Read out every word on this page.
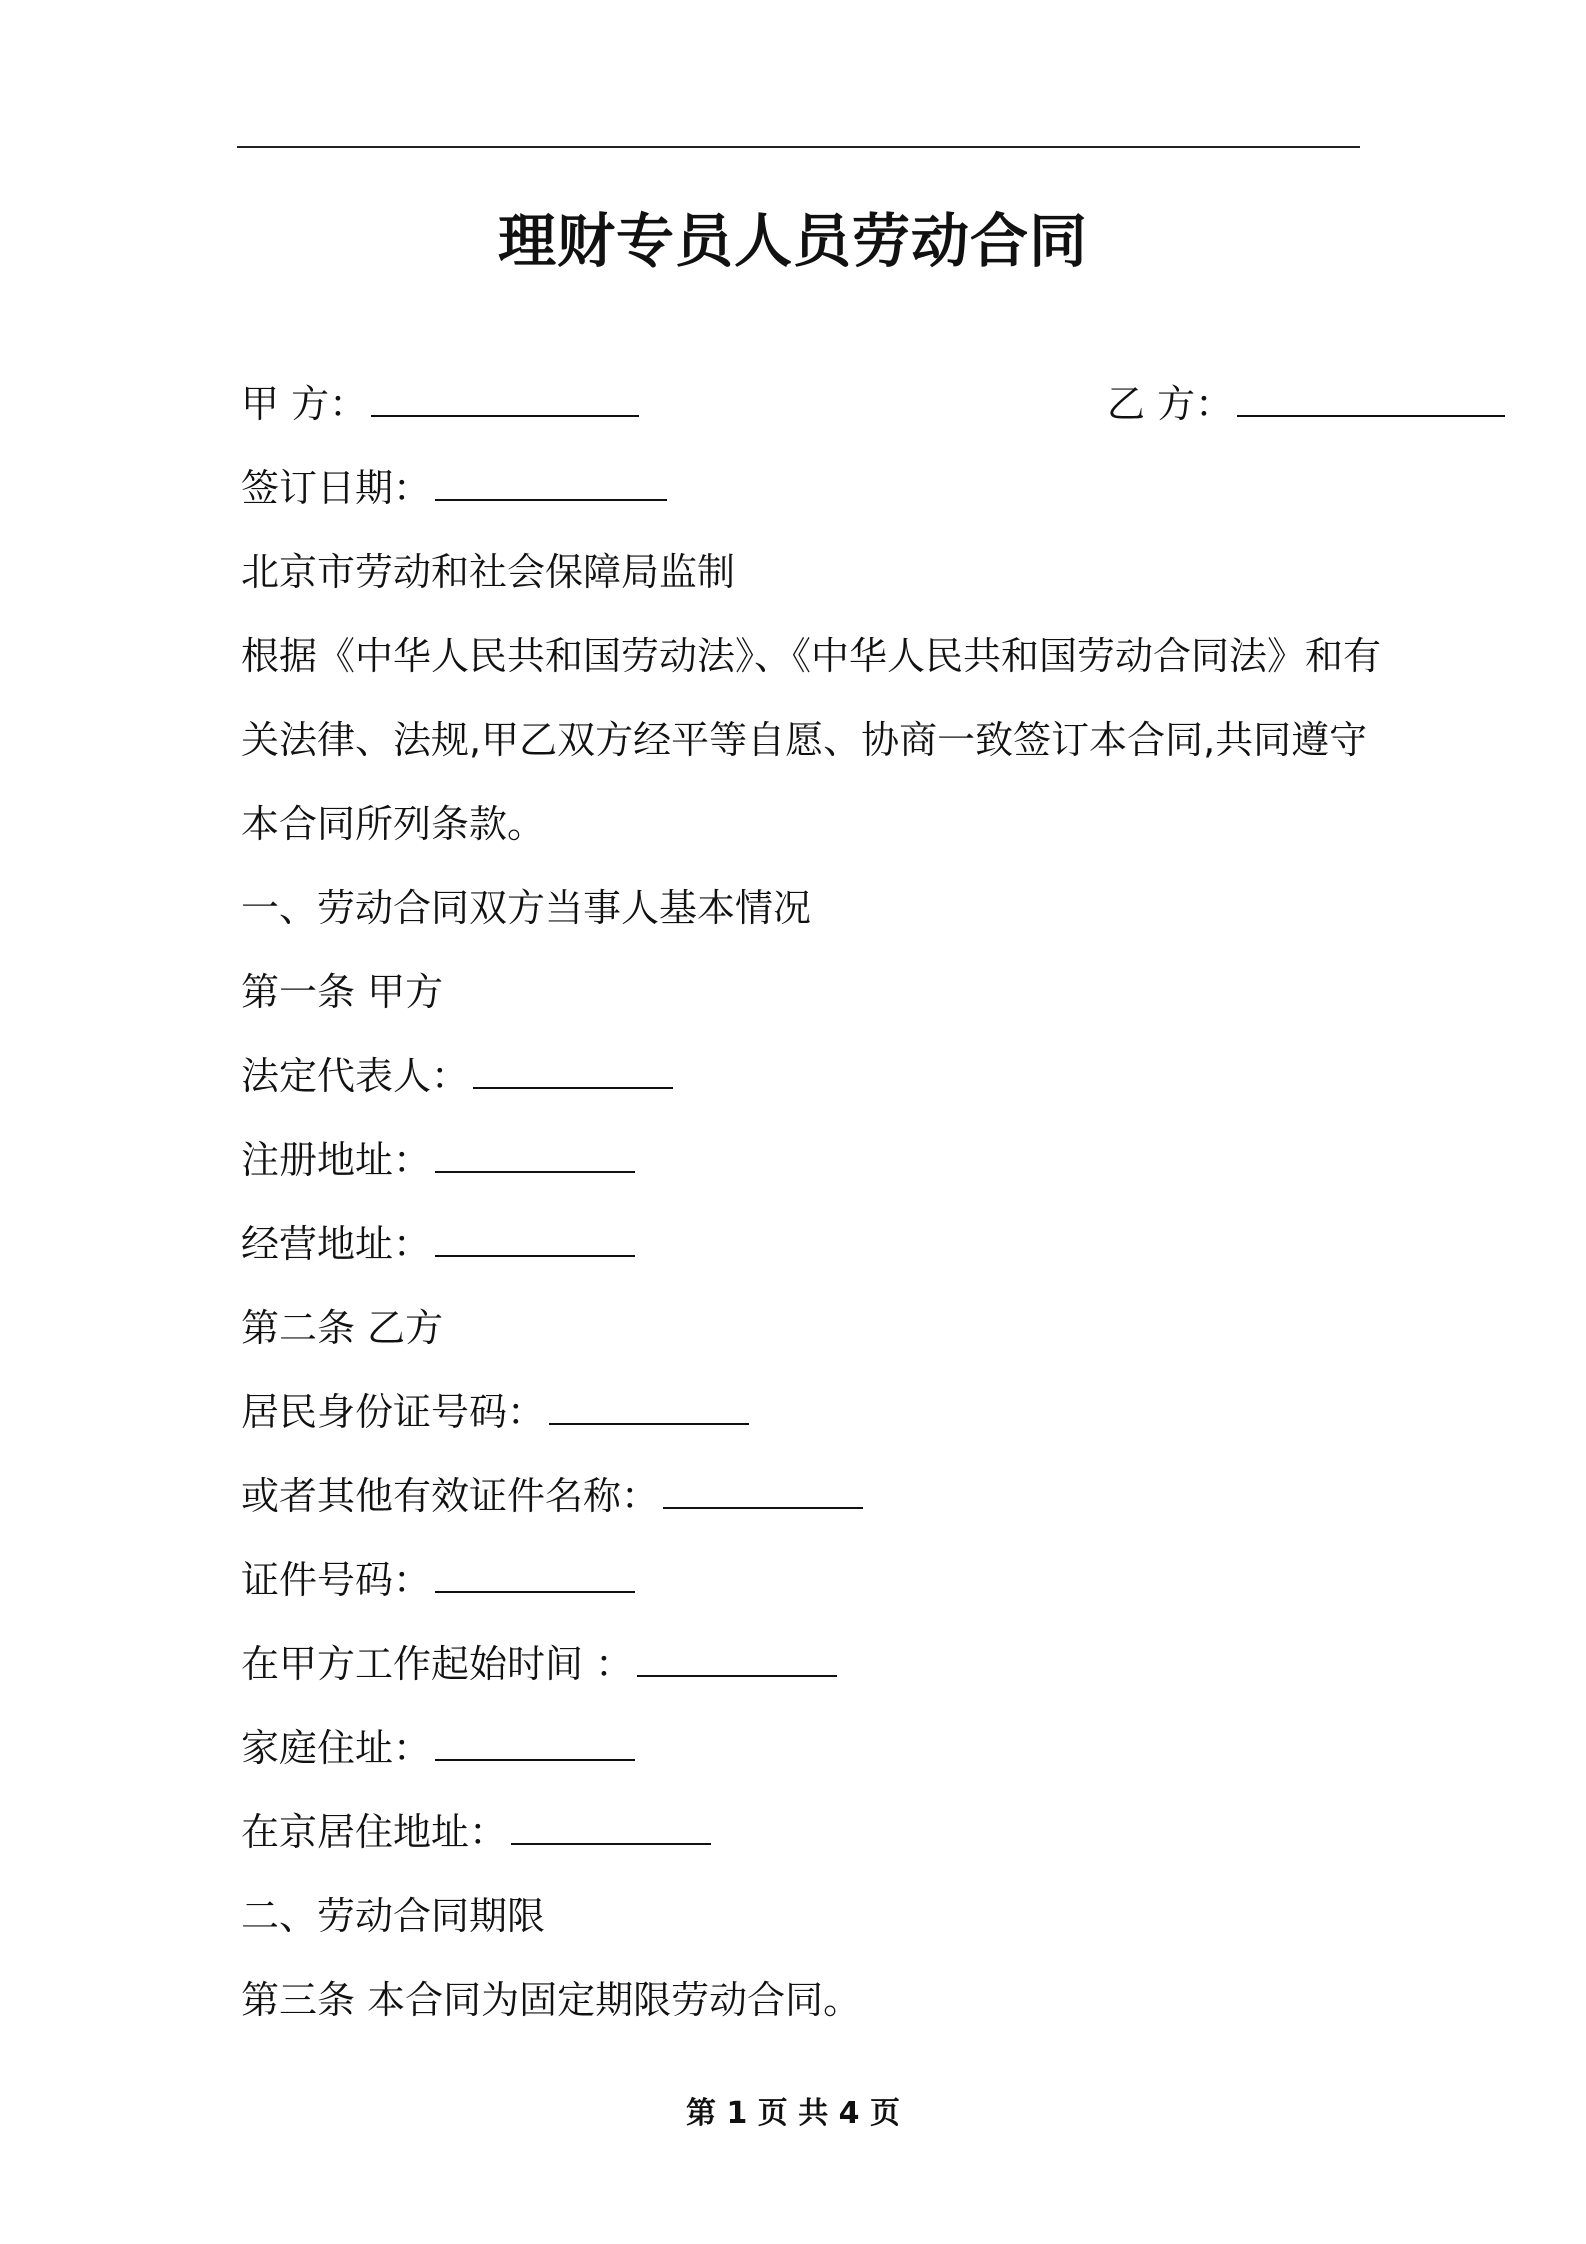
理财专员人员劳动合同
甲 方：	乙 方：
签订日期：
北京市劳动和社会保障局监制
根据《中华人民共和国劳动法》、《中华人民共和国劳动合同法》和有
关法律、法规,甲乙双方经平等自愿、协商一致签订本合同,共同遵守
本合同所列条款。
一、劳动合同双方当事人基本情况
第一条 甲方
法定代表人：
注册地址：
经营地址：
第二条 乙方
居民身份证号码：
或者其他有效证件名称：
证件号码：
在甲方工作起始时间 ：
家庭住址：
在京居住地址：
二、劳动合同期限
第三条 本合同为固定期限劳动合同。
第 1 页 共 4 页
